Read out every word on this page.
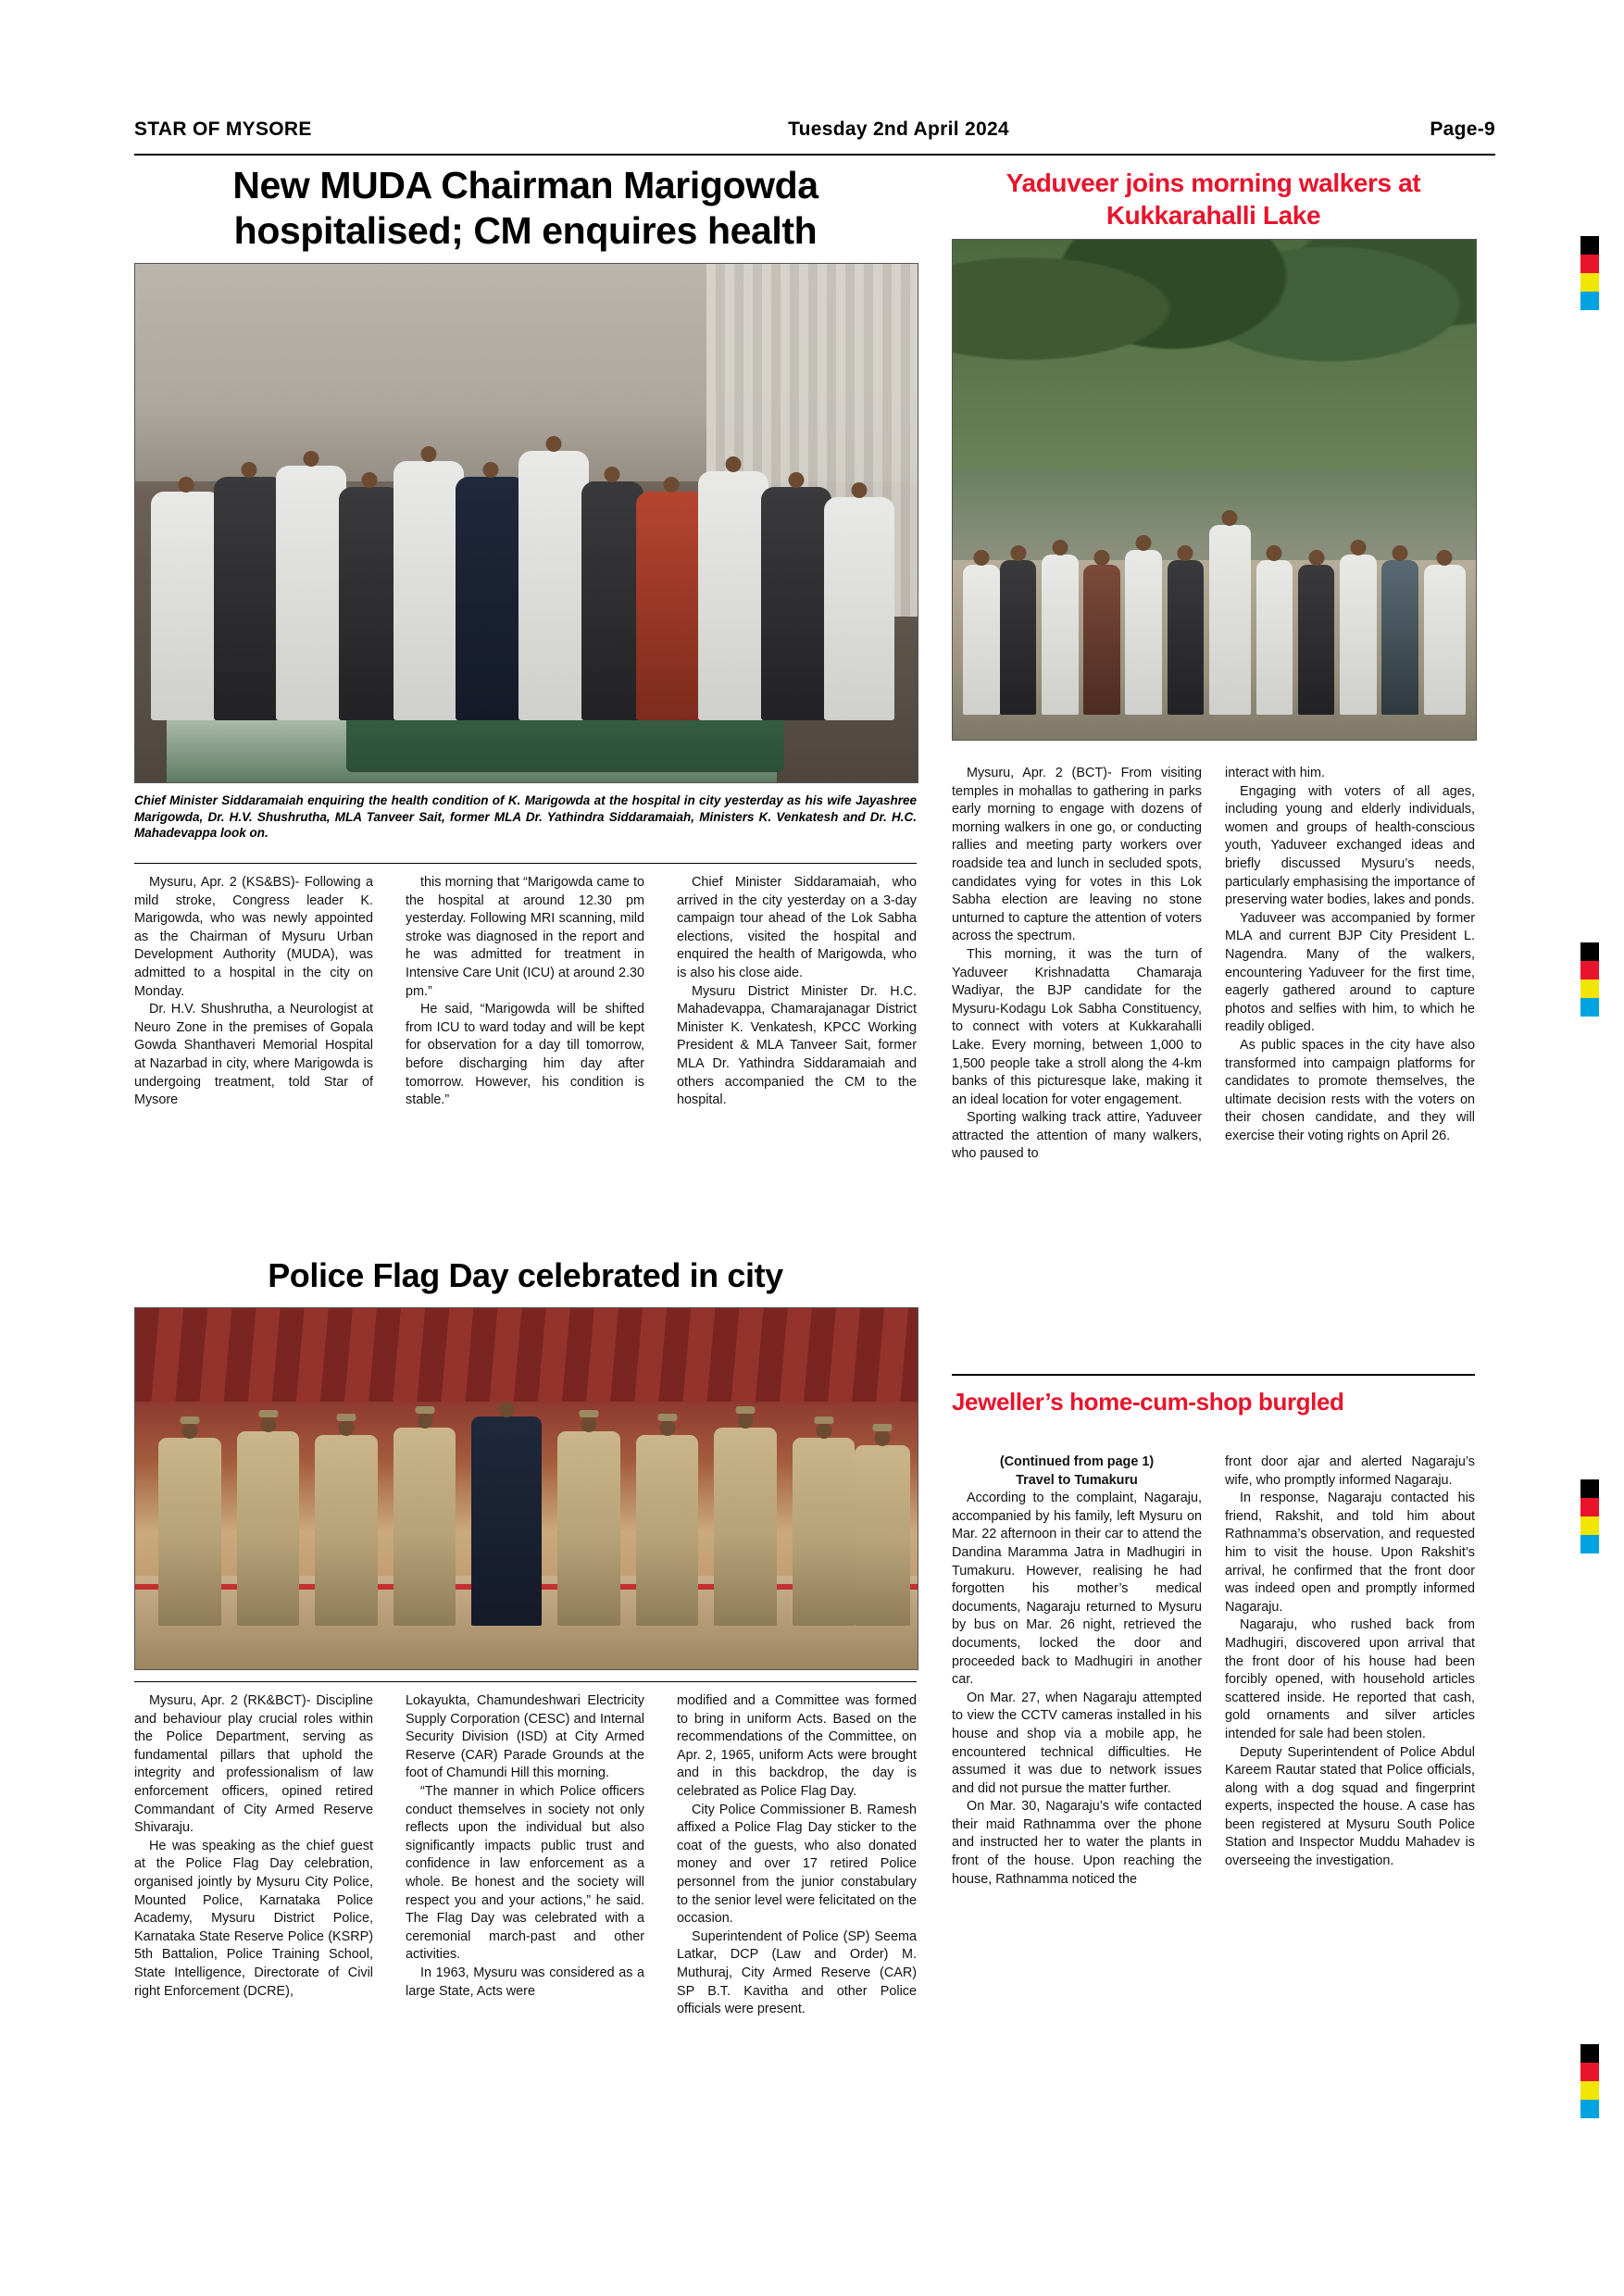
STAR OF MYSORE	Tuesday 2nd April 2024	Page-9
New MUDA Chairman Marigowda hospitalised; CM enquires health
Chief Minister Siddaramaiah enquiring the health condition of K. Marigowda at the hospital in city yesterday as his wife Jayashree Marigowda, Dr. H.V. Shushrutha, MLA Tanveer Sait, former MLA Dr. Yathindra Siddaramaiah, Ministers K. Venkatesh and Dr. H.C. Mahadevappa look on.

Mysuru, Apr. 2 (KS&BS)- Following a mild stroke, Congress leader K. Marigowda, who was newly appointed as the Chairman of Mysuru Urban Development Authority (MUDA), was admitted to a hospital in the city on Monday.

Dr. H.V. Shushrutha, a Neurologist at Neuro Zone in the premises of Gopala Gowda Shanthaveri Memorial Hospital at Nazarbad in city, where Marigowda is undergoing treatment, told Star of Mysore

this morning that “Marigowda came to the hospital at around 12.30 pm yesterday. Following MRI scanning, mild stroke was diagnosed in the report and he was admitted for treatment in Intensive Care Unit (ICU) at around 2.30 pm.”

He said, “Marigowda will be shifted from ICU to ward today and will be kept for observation for a day till tomorrow, before discharging him day after tomorrow. However, his condition is stable.”

Chief Minister Siddaramaiah, who arrived in the city yesterday on a 3-day campaign tour ahead of the Lok Sabha elections, visited the hospital and enquired the health of Marigowda, who is also his close aide.

Mysuru District Minister Dr. H.C. Mahadevappa, Chamarajanagar District Minister K. Venkatesh, KPCC Working President & MLA Tanveer Sait, former MLA Dr. Yathindra Siddaramaiah and others accompanied the CM to the hospital.

Yaduveer joins morning walkers at Kukkarahalli Lake

Mysuru, Apr. 2 (BCT)- From visiting temples in mohallas to gathering in parks early morning to engage with dozens of morning walkers in one go, or conducting rallies and meeting party workers over roadside tea and lunch in secluded spots, candidates vying for votes in this Lok Sabha election are leaving no stone unturned to capture the attention of voters across the spectrum.

This morning, it was the turn of Yaduveer Krishnadatta Chamaraja Wadiyar, the BJP candidate for the Mysuru-Kodagu Lok Sabha Constituency, to connect with voters at Kukkarahalli Lake. Every morning, between 1,000 to 1,500 people take a stroll along the 4-km banks of this picturesque lake, making it an ideal location for voter engagement.

Sporting walking track attire, Yaduveer attracted the attention of many walkers, who paused to

interact with him.

Engaging with voters of all ages, including young and elderly individuals, women and groups of health-conscious youth, Yaduveer exchanged ideas and briefly discussed Mysuru’s needs, particularly emphasising the importance of preserving water bodies, lakes and ponds.

Yaduveer was accompanied by former MLA and current BJP City President L. Nagendra. Many of the walkers, encountering Yaduveer for the first time, eagerly gathered around to capture photos and selfies with him, to which he readily obliged.

As public spaces in the city have also transformed into campaign platforms for candidates to promote themselves, the ultimate decision rests with the voters on their chosen candidate, and they will exercise their voting rights on April 26.

Police Flag Day celebrated in city

Mysuru, Apr. 2 (RK&BCT)- Discipline and behaviour play crucial roles within the Police Department, serving as fundamental pillars that uphold the integrity and professionalism of law enforcement officers, opined retired Commandant of City Armed Reserve Shivaraju.

He was speaking as the chief guest at the Police Flag Day celebration, organised jointly by Mysuru City Police, Mounted Police, Karnataka Police Academy, Mysuru District Police, Karnataka State Reserve Police (KSRP) 5th Battalion, Police Training School, State Intelligence, Directorate of Civil right Enforcement (DCRE),

Lokayukta, Chamundeshwari Electricity Supply Corporation (CESC) and Internal Security Division (ISD) at City Armed Reserve (CAR) Parade Grounds at the foot of Chamundi Hill this morning.

“The manner in which Police officers conduct themselves in society not only reflects upon the individual but also significantly impacts public trust and confidence in law enforcement as a whole. Be honest and the society will respect you and your actions,” he said. The Flag Day was celebrated with a ceremonial march-past and other activities.

In 1963, Mysuru was considered as a large State, Acts were

modified and a Committee was formed to bring in uniform Acts. Based on the recommendations of the Committee, on Apr. 2, 1965, uniform Acts were brought and in this backdrop, the day is celebrated as Police Flag Day.

City Police Commissioner B. Ramesh affixed a Police Flag Day sticker to the coat of the guests, who also donated money and over 17 retired Police personnel from the junior constabulary to the senior level were felicitated on the occasion.

Superintendent of Police (SP) Seema Latkar, DCP (Law and Order) M. Muthuraj, City Armed Reserve (CAR) SP B.T. Kavitha and other Police officials were present.

Jeweller’s home-cum-shop burgled

(Continued from page 1)

Travel to Tumakuru

According to the complaint, Nagaraju, accompanied by his family, left Mysuru on Mar. 22 afternoon in their car to attend the Dandina Maramma Jatra in Madhugiri in Tumakuru. However, realising he had forgotten his mother’s medical documents, Nagaraju returned to Mysuru by bus on Mar. 26 night, retrieved the documents, locked the door and proceeded back to Madhugiri in another car.

On Mar. 27, when Nagaraju attempted to view the CCTV cameras installed in his house and shop via a mobile app, he encountered technical difficulties. He assumed it was due to network issues and did not pursue the matter further.

On Mar. 30, Nagaraju’s wife contacted their maid Rathnamma over the phone and instructed her to water the plants in front of the house. Upon reaching the house, Rathnamma noticed the

front door ajar and alerted Nagaraju’s wife, who promptly informed Nagaraju.

In response, Nagaraju contacted his friend, Rakshit, and told him about Rathnamma’s observation, and requested him to visit the house. Upon Rakshit’s arrival, he confirmed that the front door was indeed open and promptly informed Nagaraju.

Nagaraju, who rushed back from Madhugiri, discovered upon arrival that the front door of his house had been forcibly opened, with household articles scattered inside. He reported that cash, gold ornaments and silver articles intended for sale had been stolen.

Deputy Superintendent of Police Abdul Kareem Rautar stated that Police officials, along with a dog squad and fingerprint experts, inspected the house. A case has been registered at Mysuru South Police Station and Inspector Muddu Mahadev is overseeing the investigation.
